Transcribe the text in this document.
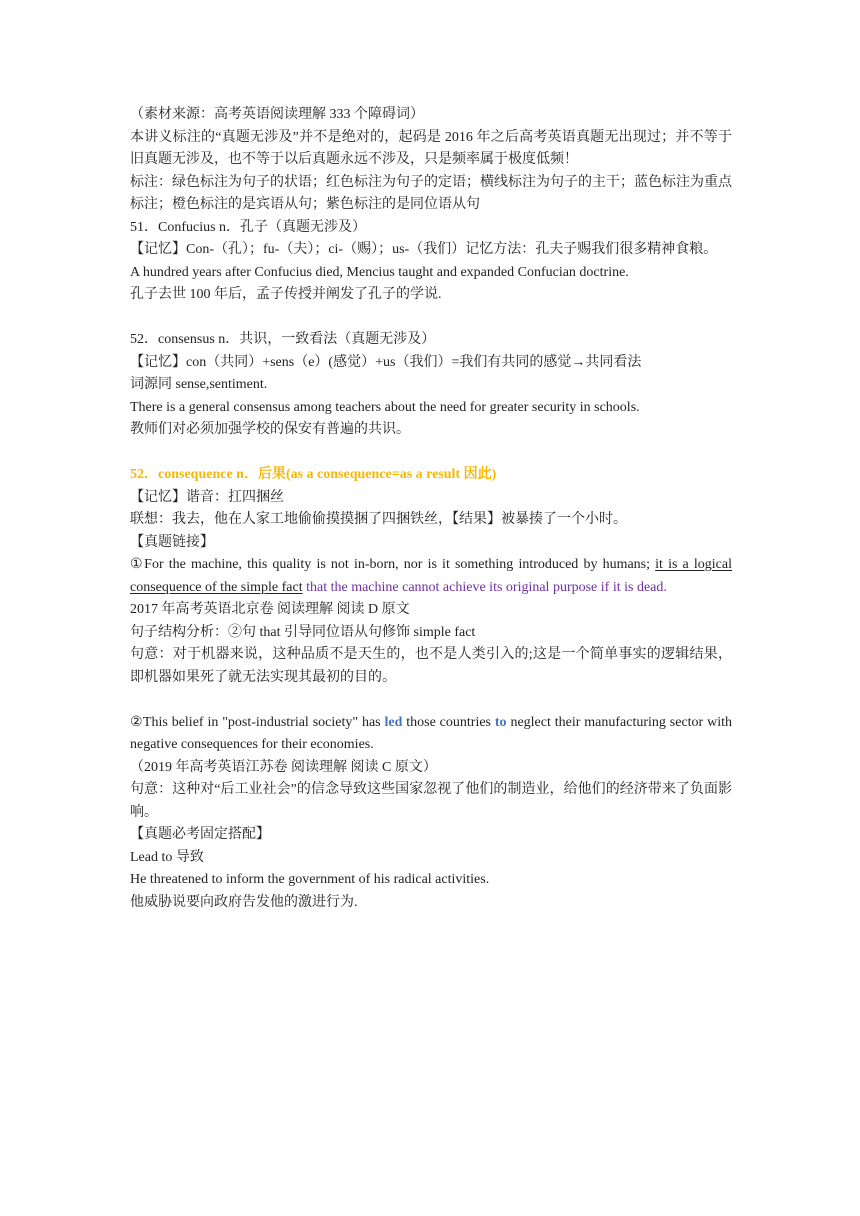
（素材来源：高考英语阅读理解 333 个障碍词）

本讲义标注的“真题无涉及”并不是绝对的，起码是 2016 年之后高考英语真题无出现过；并不等于旧真题无涉及，也不等于以后真题永远不涉及，只是频率属于极度低频！

标注：绿色标注为句子的状语；红色标注为句子的定语；横线标注为句子的主干；蓝色标注为重点标注；橙色标注的是宾语从句；紫色标注的是同位语从句

51．Confucius n．孔子（真题无涉及）

【记忆】Con-（孔）；fu-（夫）；ci-（赐）；us-（我们）记忆方法：孔夫子赐我们很多精神食粮。

A hundred years after Confucius died, Mencius taught and expanded Confucian doctrine.

孔子去世 100 年后，孟子传授并阐发了孔子的学说.

52．consensus n．共识，一致看法（真题无涉及）

【记忆】con（共同）+sens（e）(感觉）+us（我们）=我们有共同的感觉→共同看法

词源同 sense,sentiment.

There is a general consensus among teachers about the need for greater security in schools.

教师们对必须加强学校的保安有普遍的共识。

52．consequence n．后果(as a consequence=as a result 因此)

【记忆】谐音：扛四捆丝

联想：我去，他在人家工地偷偷摸摸捆了四捆铁丝，【结果】被暴揍了一个小时。

【真题链接】

①For the machine, this quality is not in-born, nor is it something introduced by humans; it is a logical consequence of the simple fact that the machine cannot achieve its original purpose if it is dead.

2017 年高考英语北京卷 阅读理解 阅读 D 原文

句子结构分析：②句 that 引导同位语从句修饰 simple fact

句意：对于机器来说，这种品质不是天生的，也不是人类引入的;这是一个简单事实的逻辑结果，即机器如果死了就无法实现其最初的目的。

②This belief in "post-industrial society" has led those countries to neglect their manufacturing sector with negative consequences for their economies.

（2019 年高考英语江苏卷 阅读理解 阅读 C 原文）

句意：这种对“后工业社会”的信念导致这些国家忽视了他们的制造业，给他们的经济带来了负面影响。

【真题必考固定搭配】

Lead to 导致

He threatened to inform the government of his radical activities.

他威胁说要向政府告发他的激进行为.
